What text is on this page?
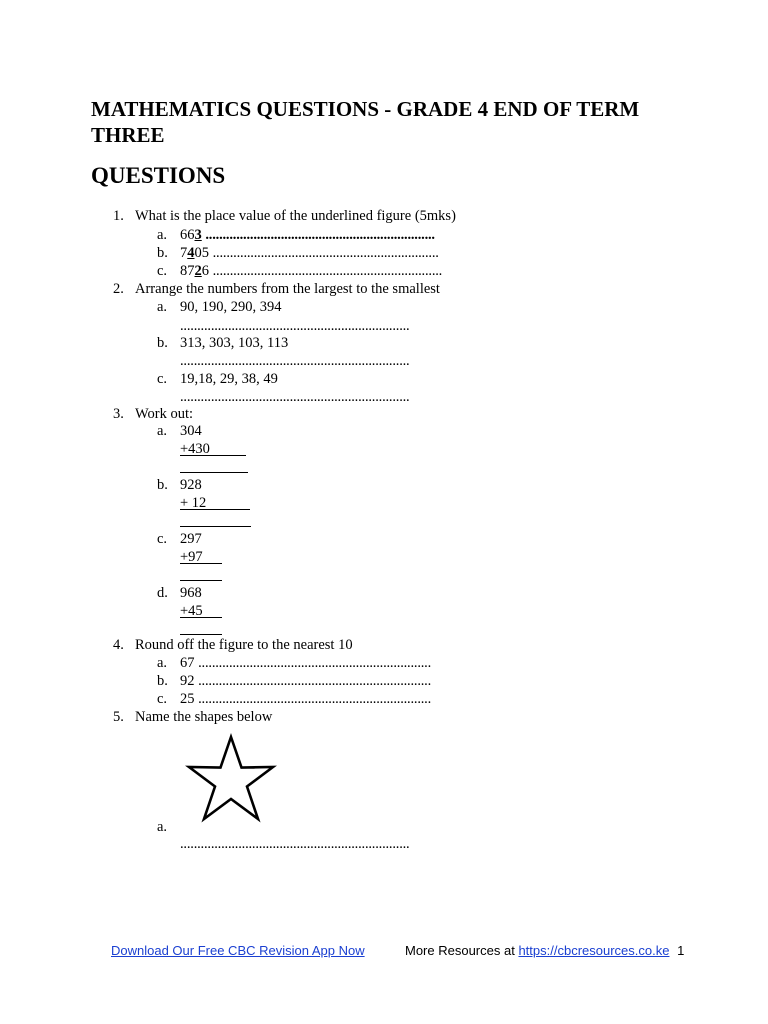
MATHEMATICS QUESTIONS - GRADE 4 END OF TERM
THREE
QUESTIONS
1. What is the place value of the underlined figure (5mks)
a. 663 ...................................................................
b. 7405 ..................................................................
c. 8726 ...................................................................
2. Arrange the numbers from the largest to the smallest
a. 90, 190, 290, 394
...................................................................
b. 313, 303, 103, 113
...................................................................
c. 19,18, 29, 38, 49
...................................................................
3. Work out:
a. 304
+430
b. 928
+ 12
c. 297
+97
d. 968
+45
4. Round off the figure to the nearest 10
a. 67 ....................................................................
b. 92 ....................................................................
c. 25 ....................................................................
5. Name the shapes below
a.
...................................................................
Download Our Free CBC Revision App Now	More Resources at https://cbcresources.co.ke 1
